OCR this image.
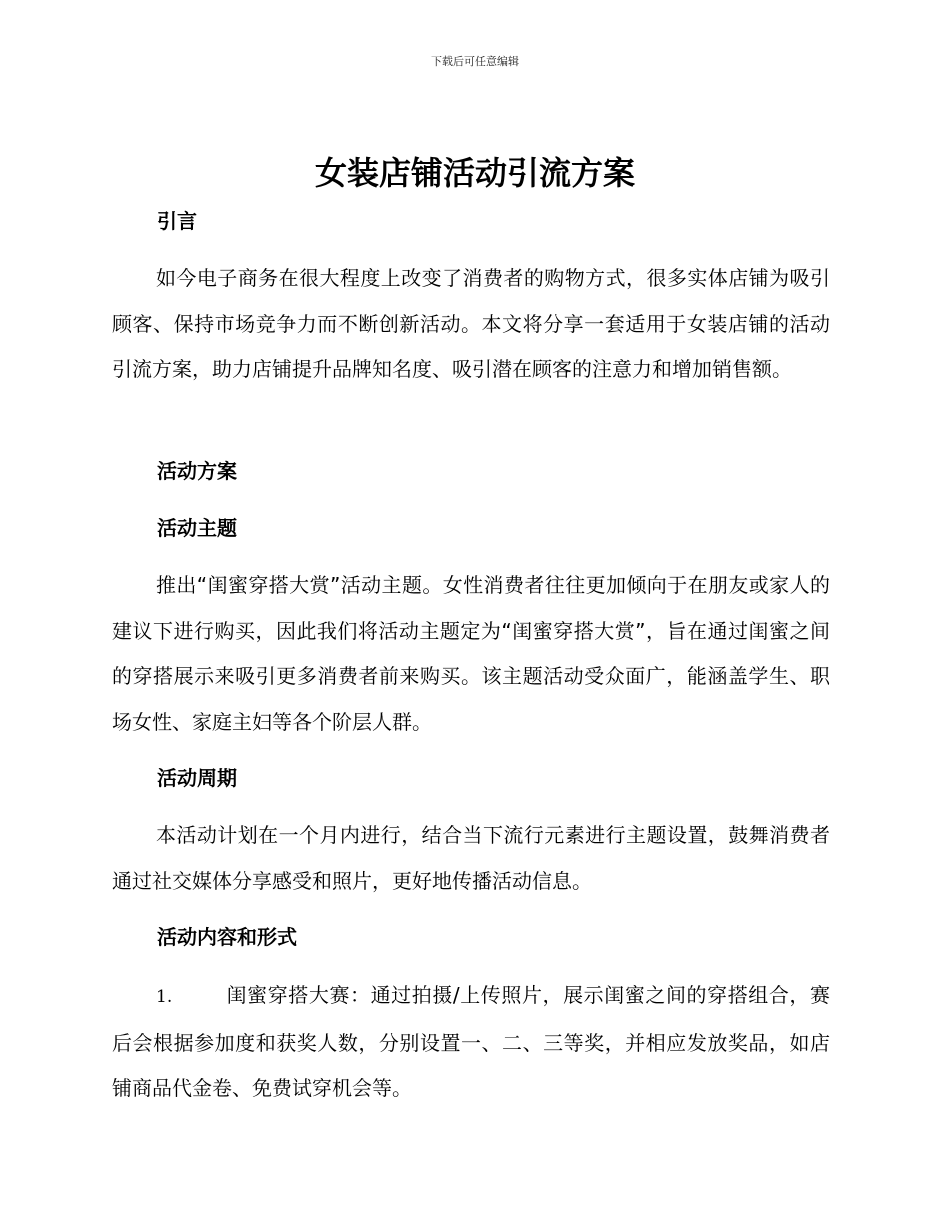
下载后可任意编辑
女装店铺活动引流方案
引言

如今电子商务在很大程度上改变了消费者的购物方式，很多实体店铺为吸引顾客、保持市场竞争力而不断创新活动。本文将分享一套适用于女装店铺的活动引流方案，助力店铺提升品牌知名度、吸引潜在顾客的注意力和增加销售额。

活动方案
活动主题

推出“闺蜜穿搭大赏”活动主题。女性消费者往往更加倾向于在朋友或家人的建议下进行购买，因此我们将活动主题定为“闺蜜穿搭大赏”，旨在通过闺蜜之间的穿搭展示来吸引更多消费者前来购买。该主题活动受众面广，能涵盖学生、职场女性、家庭主妇等各个阶层人群。

活动周期

本活动计划在一个月内进行，结合当下流行元素进行主题设置，鼓舞消费者通过社交媒体分享感受和照片，更好地传播活动信息。

活动内容和形式

1.	闺蜜穿搭大赛：通过拍摄/上传照片，展示闺蜜之间的穿搭组合，赛后会根据参加度和获奖人数，分别设置一、二、三等奖，并相应发放奖品，如店铺商品代金卷、免费试穿机会等。
